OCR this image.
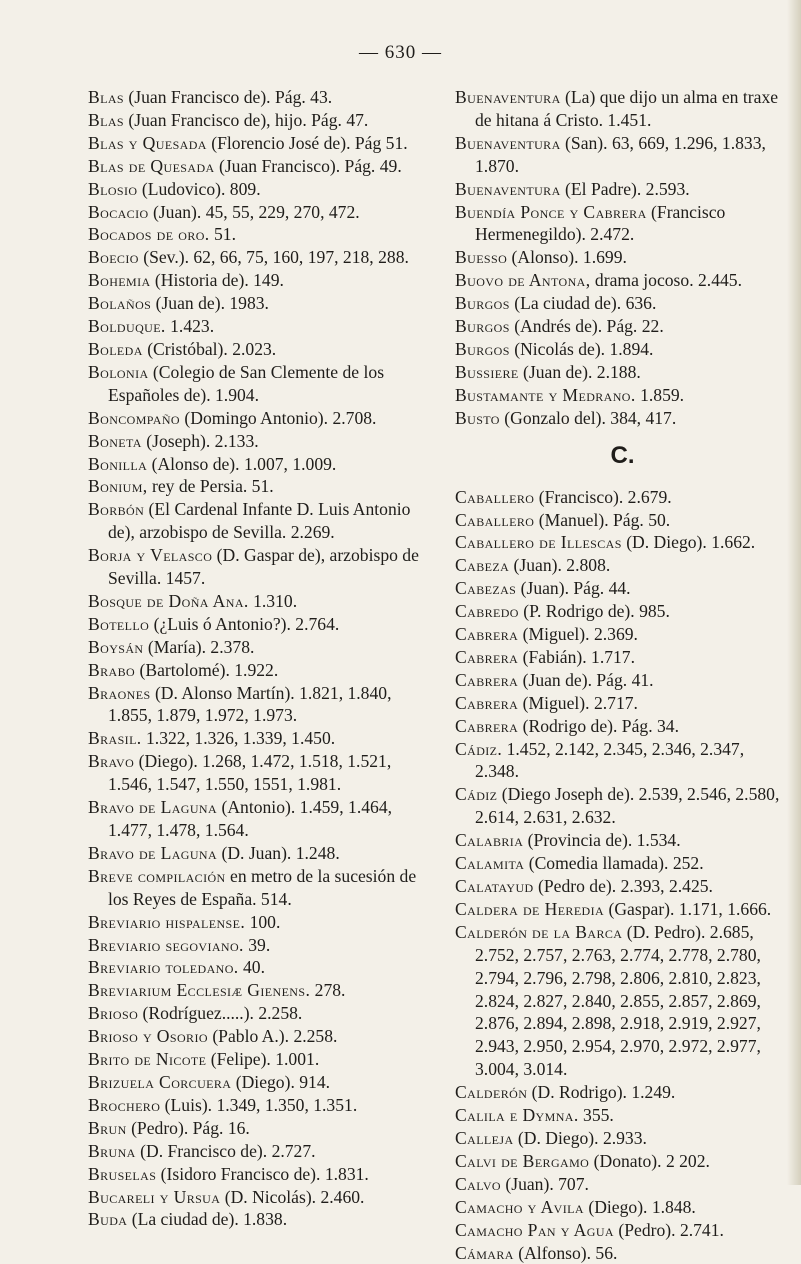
— 630 —
Blas (Juan Francisco de). Pág. 43.
Blas (Juan Francisco de), hijo. Pág. 47.
Blas y Quesada (Florencio José de). Pág 51.
Blas de Quesada (Juan Francisco). Pág. 49.
Blosio (Ludovico). 809.
Bocacio (Juan). 45, 55, 229, 270, 472.
Bocados de oro. 51.
Boecio (Sev.). 62, 66, 75, 160, 197, 218, 288.
Bohemia (Historia de). 149.
Bolaños (Juan de). 1983.
Bolduque. 1.423.
Boleda (Cristóbal). 2.023.
Bolonia (Colegio de San Clemente de los Españoles de). 1.904.
Boncompaño (Domingo Antonio). 2.708.
Boneta (Joseph). 2.133.
Bonilla (Alonso de). 1.007, 1.009.
Bonium, rey de Persia. 51.
Borbón (El Cardenal Infante D. Luis Antonio de), arzobispo de Sevilla. 2.269.
Borja y Velasco (D. Gaspar de), arzobispo de Sevilla. 1457.
Bosque de Doña Ana. 1.310.
Botello (¿Luis ó Antonio?). 2.764.
Boysán (María). 2.378.
Brabo (Bartolomé). 1.922.
Braones (D. Alonso Martín). 1.821, 1.840, 1.855, 1.879, 1.972, 1.973.
Brasil. 1.322, 1.326, 1.339, 1.450.
Bravo (Diego). 1.268, 1.472, 1.518, 1.521, 1.546, 1.547, 1.550, 1551, 1.981.
Bravo de Laguna (Antonio). 1.459, 1.464, 1.477, 1.478, 1.564.
Bravo de Laguna (D. Juan). 1.248.
Breve compilación en metro de la sucesión de los Reyes de España. 514.
Breviario hispalense. 100.
Breviario segoviano. 39.
Breviario toledano. 40.
Breviarium Ecclesiæ Gienens. 278.
Brioso (Rodríguez.....). 2.258.
Brioso y Osorio (Pablo A.). 2.258.
Brito de Nicote (Felipe). 1.001.
Brizuela Corcuera (Diego). 914.
Brochero (Luis). 1.349, 1.350, 1.351.
Brun (Pedro). Pág. 16.
Bruna (D. Francisco de). 2.727.
Bruselas (Isidoro Francisco de). 1.831.
Bucareli y Ursua (D. Nicolás). 2.460.
Buda (La ciudad de). 1.838.
Buenaventura (La) que dijo un alma en traxe de hitana á Cristo. 1.451.
Buenaventura (San). 63, 669, 1.296, 1.833, 1.870.
Buenaventura (El Padre). 2.593.
Buendía Ponce y Cabrera (Francisco Hermenegildo). 2.472.
Buesso (Alonso). 1.699.
Buovo de Antona, drama jocoso. 2.445.
Burgos (La ciudad de). 636.
Burgos (Andrés de). Pág. 22.
Burgos (Nicolás de). 1.894.
Bussiere (Juan de). 2.188.
Bustamante y Medrano. 1.859.
Busto (Gonzalo del). 384, 417.
C.
Caballero (Francisco). 2.679.
Caballero (Manuel). Pág. 50.
Caballero de Illescas (D. Diego). 1.662.
Cabeza (Juan). 2.808.
Cabezas (Juan). Pág. 44.
Cabredo (P. Rodrigo de). 985.
Cabrera (Miguel). 2.369.
Cabrera (Fabián). 1.717.
Cabrera (Juan de). Pág. 41.
Cabrera (Miguel). 2.717.
Cabrera (Rodrigo de). Pág. 34.
Cádiz. 1.452, 2.142, 2.345, 2.346, 2.347, 2.348.
Cádiz (Diego Joseph de). 2.539, 2.546, 2.580, 2.614, 2.631, 2.632.
Calabria (Provincia de). 1.534.
Calamita (Comedia llamada). 252.
Calatayud (Pedro de). 2.393, 2.425.
Caldera de Heredia (Gaspar). 1.171, 1.666.
Calderón de la Barca (D. Pedro). 2.685, 2.752, 2.757, 2.763, 2.774, 2.778, 2.780, 2.794, 2.796, 2.798, 2.806, 2.810, 2.823, 2.824, 2.827, 2.840, 2.855, 2.857, 2.869, 2.876, 2.894, 2.898, 2.918, 2.919, 2.927, 2.943, 2.950, 2.954, 2.970, 2.972, 2.977, 3.004, 3.014.
Calderón (D. Rodrigo). 1.249.
Calila e Dymna. 355.
Calleja (D. Diego). 2.933.
Calvi de Bergamo (Donato). 2 202.
Calvo (Juan). 707.
Camacho y Avila (Diego). 1.848.
Camacho Pan y Agua (Pedro). 2.741.
Cámara (Alfonso). 56.
